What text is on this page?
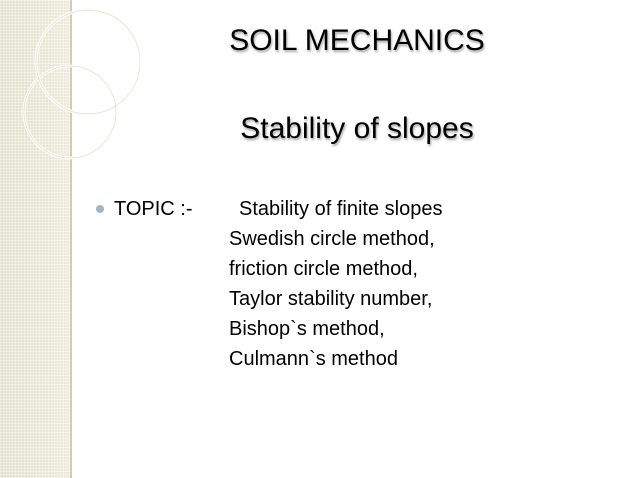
SOIL MECHANICS
Stability of slopes
TOPIC :- Stability of finite slopes
Swedish circle method,
friction circle method,
Taylor stability number,
Bishop`s method,
Culmann`s method
